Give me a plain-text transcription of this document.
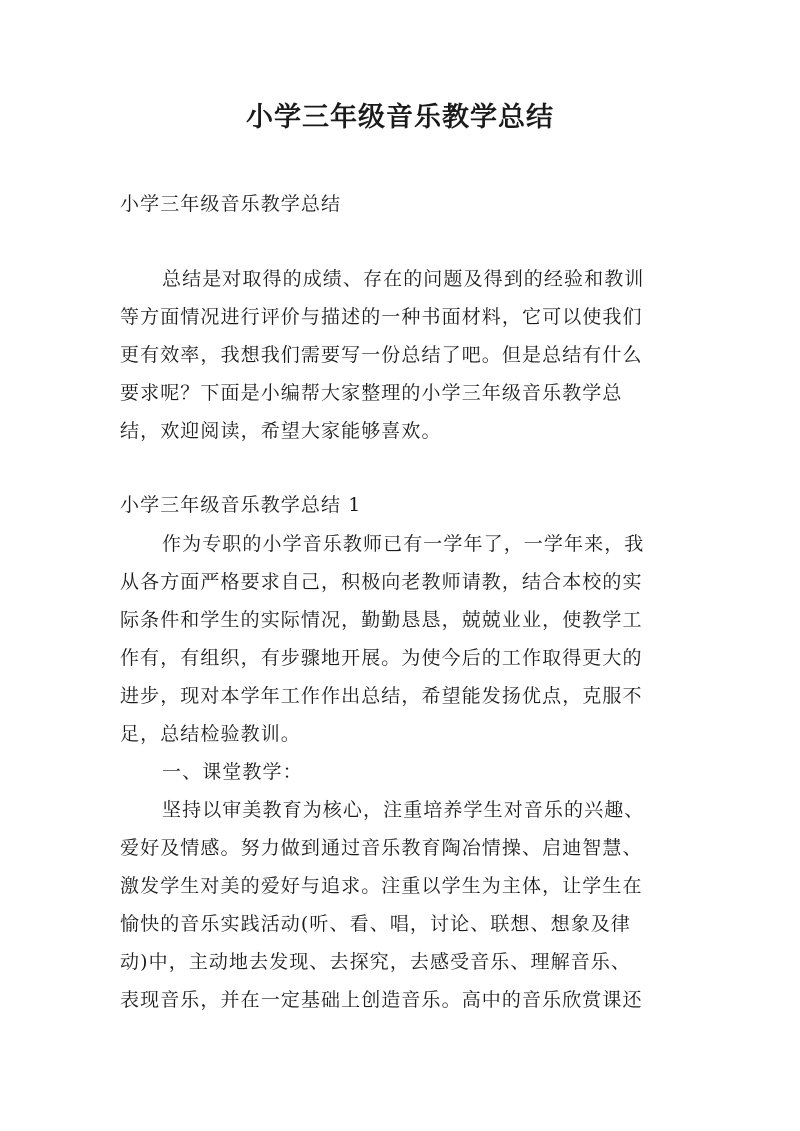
小学三年级音乐教学总结

小学三年级音乐教学总结

总结是对取得的成绩、存在的问题及得到的经验和教训

等方面情况进行评价与描述的一种书面材料，它可以使我们

更有效率，我想我们需要写一份总结了吧。但是总结有什么

要求呢？下面是小编帮大家整理的小学三年级音乐教学总

结，欢迎阅读，希望大家能够喜欢。

小学三年级音乐教学总结 1

作为专职的小学音乐教师已有一学年了，一学年来，我

从各方面严格要求自己，积极向老教师请教，结合本校的实

际条件和学生的实际情况，勤勤恳恳，兢兢业业，使教学工

作有，有组织，有步骤地开展。为使今后的工作取得更大的

进步，现对本学年工作作出总结，希望能发扬优点，克服不

足，总结检验教训。

一、课堂教学：

坚持以审美教育为核心，注重培养学生对音乐的兴趣、

爱好及情感。努力做到通过音乐教育陶冶情操、启迪智慧、

激发学生对美的爱好与追求。注重以学生为主体，让学生在

愉快的音乐实践活动(听、看、唱，讨论、联想、想象及律

动)中，主动地去发现、去探究，去感受音乐、理解音乐、

表现音乐，并在一定基础上创造音乐。高中的音乐欣赏课还
